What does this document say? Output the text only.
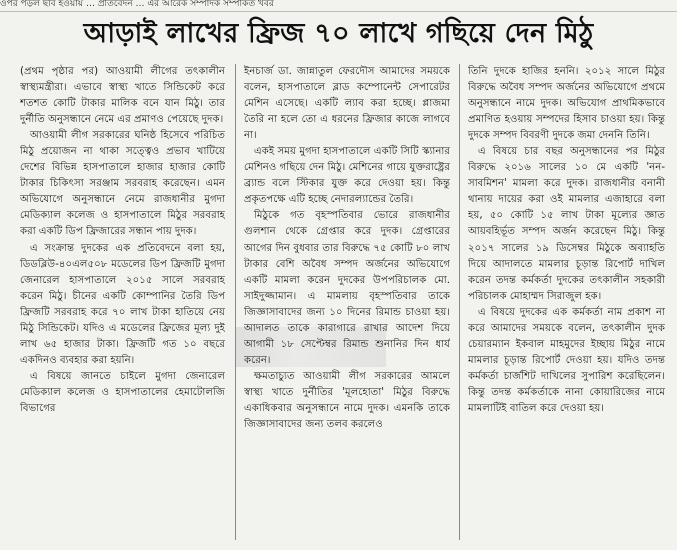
ওপর পড়ল ছবি হওয়ায় … প্রতিবেদন … এর আরেক সম্পাদক সম্পর্কিত খবর
আড়াই লাখের ফ্রিজ ৭০ লাখে গছিয়ে দেন মিঠু

(প্রথম পৃষ্ঠার পর) আওয়ামী লীগের তৎকালীন স্বাস্থ্যমন্ত্রীরা। এভাবে স্বাস্থ্য খাতে সিন্ডিকেট করে শতশত কোটি টাকার মালিক বনে যান মিঠু। তার দুর্নীতি অনুসন্ধানে নেমে এর প্রমাণও পেয়েছে দুদক।

আওয়ামী লীগ সরকারের ঘনিষ্ঠ হিসেবে পরিচিত মিঠু প্রয়োজন না থাকা সত্ত্বেও প্রভাব খাটিয়ে দেশের বিভিন্ন হাসপাতালে হাজার হাজার কোটি টাকার চিকিৎসা সরঞ্জাম সরবরাহ করেছেন। এমন অভিযোগে অনুসন্ধানে নেমে রাজধানীর মুগদা মেডিক্যাল কলেজ ও হাসপাতালে মিঠুর সরবরাহ করা একটি ডিপ ফ্রিজারের সন্ধান পায় দুদক।

এ সংক্রান্ত দুদকের এক প্রতিবেদনে বলা হয়, ডিডব্লিউ-৪০এল৫০৮ মডেলের ডিপ ফ্রিজটি মুগদা জেনারেল হাসপাতালে ২০১৫ সালে সরবরাহ করেন মিঠু। চীনের একটি কোম্পানির তৈরি ডিপ ফ্রিজটি সরবরাহ করে ৭০ লাখ টাকা হাতিয়ে নেয় মিঠু সিন্ডিকেট। যদিও এ মডেলের ফ্রিজের মূল্য দুই লাখ ৬৫ হাজার টাকা। ফ্রিজটি গত ১০ বছরে একদিনও ব্যবহার করা হয়নি।

এ বিষয়ে জানতে চাইলে মুগদা জেনারেল মেডিক্যাল কলেজ ও হাসপাতালের হেমাটোলজি বিভাগের

ইনচার্জ ডা. জান্নাতুল ফেরদৌস আমাদের সময়কে বলেন, হাসপাতালে ব্লাড কম্পোনেন্ট সেপারেটর মেশিন এসেছে। একটি ল্যাব করা হচ্ছে। প্লাজমা তৈরি না হলে তো এ ধরনের ফ্রিজার কাজে লাগবে না।

একই সময় মুগদা হাসপাতালে একটি সিটি স্ক্যানার মেশিনও গছিয়ে দেন মিঠু। মেশিনের গায়ে যুক্তরাষ্ট্রের ব্র্যান্ড বলে স্টিকার যুক্ত করে দেওয়া হয়। কিন্তু প্রকৃতপক্ষে এটি হচ্ছে নেদারল্যান্ডের তৈরি।

মিঠুকে গত বৃহস্পতিবার ভোরে রাজধানীর গুলশান থেকে গ্রেপ্তার করে দুদক। গ্রেপ্তারের আগের দিন বুধবার তার বিরুদ্ধে ৭৫ কোটি ৮০ লাখ টাকার বেশি অবৈধ সম্পদ অর্জনের অভিযোগে একটি মামলা করেন দুদকের উপপরিচালক মো. সাইদুজ্জামান। এ মামলায় বৃহস্পতিবার তাকে জিজ্ঞাসাবাদের জন্য ১০ দিনের রিমান্ড চাওয়া হয়। আদালত তাকে কারাগারে রাখার আদেশ দিয়ে আগামী ১৮ সেপ্টেম্বর রিমান্ড শুনানির দিন ধার্য করেন।

ক্ষমতাচ্যুত আওয়ামী লীগ সরকারের আমলে স্বাস্থ্য খাতে দুর্নীতির 'মূলহোতা' মিঠুর বিরুদ্ধে একাধিকবার অনুসন্ধানে নামে দুদক। এমনকি তাকে জিজ্ঞাসাবাদের জন্য তলব করলেও

তিনি দুদকে হাজির হননি। ২০১২ সালে মিঠুর বিরুদ্ধে অবৈধ সম্পদ অর্জনের অভিযোগে প্রথমে অনুসন্ধানে নামে দুদক। অভিযোগ প্রাথমিকভাবে প্রমাণিত হওয়ায় সম্পদের হিসাব চাওয়া হয়। কিন্তু দুদকে সম্পদ বিবরণী দুদকে জমা দেননি তিনি।

এ বিষয়ে চার বছর অনুসন্ধানের পর মিঠুর বিরুদ্ধে ২০১৬ সালের ১০ মে একটি 'নন-সাবমিশন' মামলা করে দুদক। রাজধানীর বনানী থানায় দায়ের করা ওই মামলার এজাহারে বলা হয়, ৫০ কোটি ১৫ লাখ টাকা মূল্যের জ্ঞাত আয়বহির্ভূত সম্পদ অর্জন করেছেন মিঠু। কিন্তু ২০১৭ সালের ১৯ ডিসেম্বর মিঠুকে অব্যাহতি দিয়ে আদালতে মামলার চূড়ান্ত রিপোর্ট দাখিল করেন তদন্ত কর্মকর্তা দুদকের তৎকালীন সহকারী পরিচালক মোহাম্মদ সিরাজুল হক।

এ বিষয়ে দুদকের এক কর্মকর্তা নাম প্রকাশ না করে আমাদের সময়কে বলেন, তৎকালীন দুদক চেয়ারম্যান ইকবাল মাহমুদের ইচ্ছায় মিঠুর নামে মামলার চূড়ান্ত রিপোর্ট দেওয়া হয়। যদিও তদন্ত কর্মকর্তা চার্জশিট দাখিলের সুপারিশ করেছিলেন। কিন্তু তদন্ত কর্মকর্তাকে নানা কোয়ারিজের নামে মামলাটিই বাতিল করে দেওয়া হয়।
